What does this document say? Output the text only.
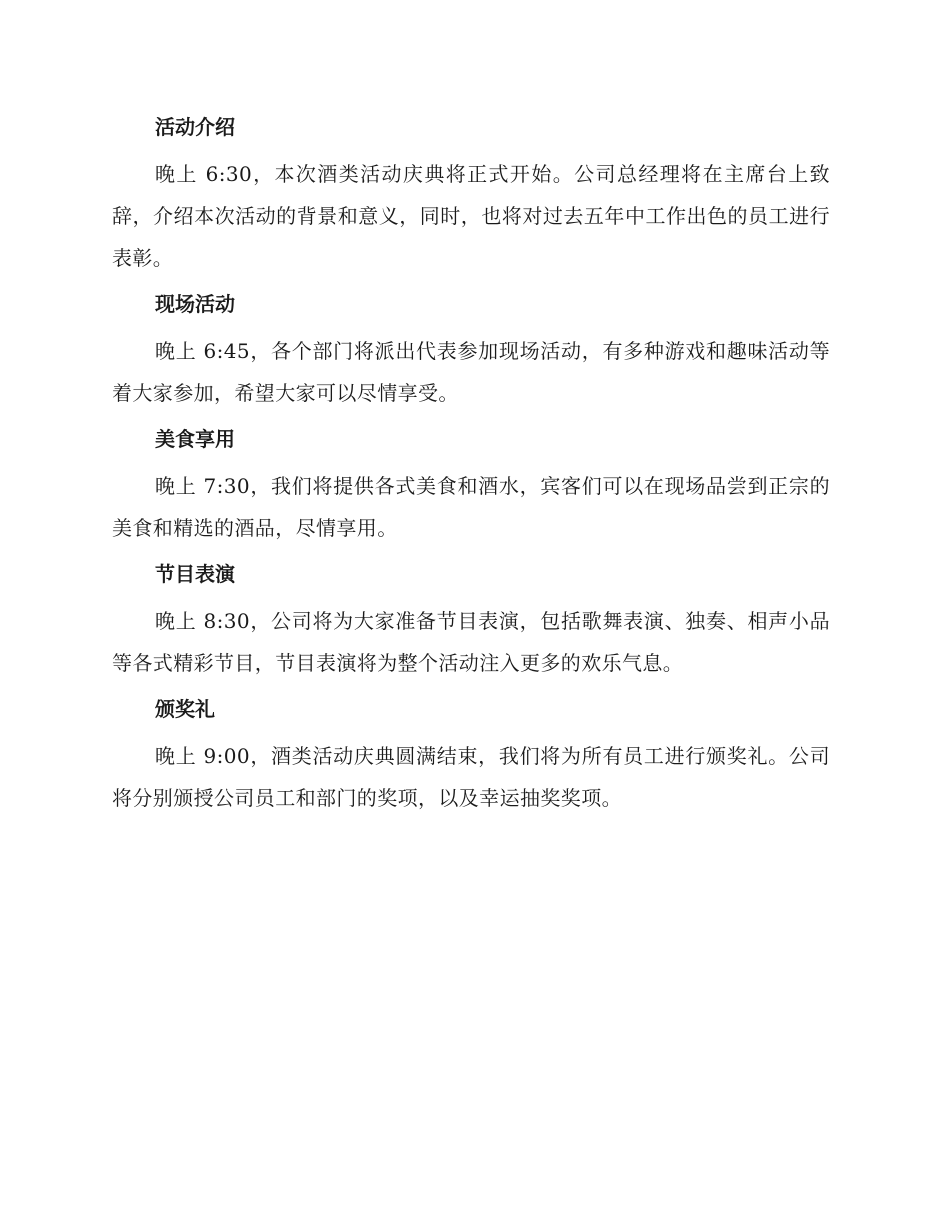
活动介绍

晚上 6:30，本次酒类活动庆典将正式开始。公司总经理将在主席台上致辞，介绍本次活动的背景和意义，同时，也将对过去五年中工作出色的员工进行表彰。

现场活动

晚上 6:45，各个部门将派出代表参加现场活动，有多种游戏和趣味活动等着大家参加，希望大家可以尽情享受。

美食享用

晚上 7:30，我们将提供各式美食和酒水，宾客们可以在现场品尝到正宗的美食和精选的酒品，尽情享用。

节目表演

晚上 8:30，公司将为大家准备节目表演，包括歌舞表演、独奏、相声小品等各式精彩节目，节目表演将为整个活动注入更多的欢乐气息。

颁奖礼

晚上 9:00，酒类活动庆典圆满结束，我们将为所有员工进行颁奖礼。公司将分别颁授公司员工和部门的奖项，以及幸运抽奖奖项。
